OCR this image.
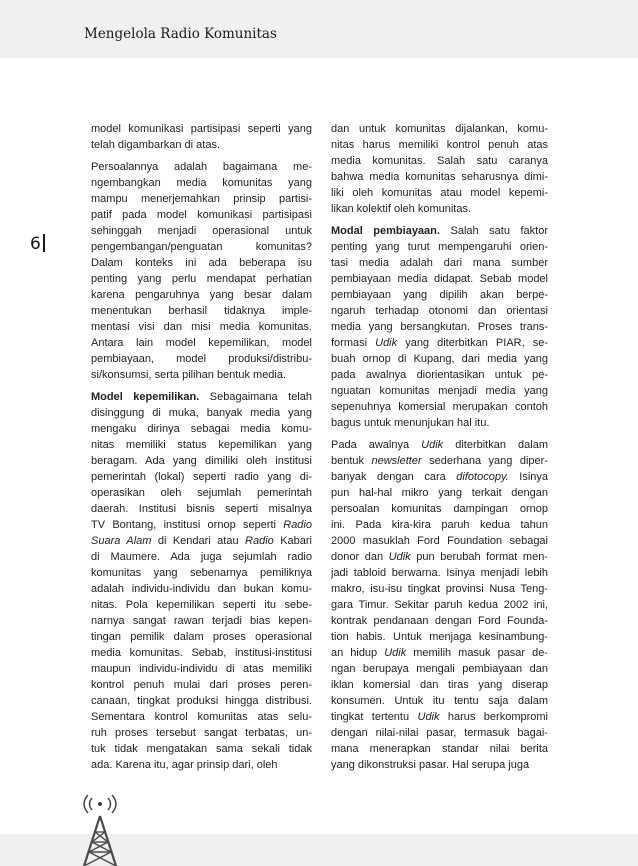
Mengelola Radio Komunitas
6
model komunikasi partisipasi seperti yang
telah digambarkan di atas.
Persoalannya adalah bagaimana me-
ngembangkan media komunitas yang
mampu menerjemahkan prinsip partisi-
patif pada model komunikasi partisipasi
sehinggah menjadi operasional untuk
pengembangan/penguatan komunitas?
Dalam konteks ini ada beberapa isu
penting yang perlu mendapat perhatian
karena pengaruhnya yang besar dalam
menentukan berhasil tidaknya imple-
mentasi visi dan misi media komunitas.
Antara lain model kepemilikan, model
pembiayaan, model produksi/distribu-
si/konsumsi, serta pilihan bentuk media.
Model kepemilikan. Sebagaimana telah
disinggung di muka, banyak media yang
mengaku dirinya sebagai media komu-
nitas memiliki status kepemilikan yang
beragam. Ada yang dimiliki oleh institusi
pemerintah (lokal) seperti radio yang di-
operasikan oleh sejumlah pemerintah
daerah. Institusi bisnis seperti misalnya
TV Bontang, institusi ornop seperti Radio
Suara Alam di Kendari atau Radio Kabari
di Maumere. Ada juga sejumlah radio
komunitas yang sebenarnya pemiliknya
adalah individu-individu dan bukan komu-
nitas. Pola kepemilikan seperti itu sebe-
narnya sangat rawan terjadi bias kepen-
tingan pemilik dalam proses operasional
media komunitas. Sebab, institusi-institusi
maupun individu-individu di atas memiliki
kontrol penuh mulai dari proses peren-
canaan, tingkat produksi hingga distribusi.
Sementara kontrol komunitas atas selu-
ruh proses tersebut sangat terbatas, un-
tuk tidak mengatakan sama sekali tidak
ada. Karena itu, agar prinsip dari, oleh
dan untuk komunitas dijalankan, komu-
nitas harus memiliki kontrol penuh atas
media komunitas. Salah satu caranya
bahwa media komunitas seharusnya dimi-
liki oleh komunitas atau model kepemi-
likan kolektif oleh komunitas.
Modal pembiayaan. Salah satu faktor
penting yang turut mempengaruhi orien-
tasi media adalah dari mana sumber
pembiayaan media didapat. Sebab model
pembiayaan yang dipilih akan berpe-
ngaruh terhadap otonomi dan orientasi
media yang bersangkutan. Proses trans-
formasi Udik yang diterbitkan PIAR, se-
buah ornop di Kupang, dari media yang
pada awalnya diorientasikan untuk pe-
nguatan komunitas menjadi media yang
sepenuhnya komersial merupakan contoh
bagus untuk menunjukan hal itu.
Pada awalnya Udik diterbitkan dalam
bentuk newsletter sederhana yang diper-
banyak dengan cara difotocopy. Isinya
pun hal-hal mikro yang terkait dengan
persoalan komunitas dampingan ornop
ini. Pada kira-kira paruh kedua tahun
2000 masuklah Ford Foundation sebagai
donor dan Udik pun berubah format men-
jadi tabloid berwarna. Isinya menjadi lebih
makro, isu-isu tingkat provinsi Nusa Teng-
gara Timur. Sekitar paruh kedua 2002 ini,
kontrak pendanaan dengan Ford Founda-
tion habis. Untuk menjaga kesinambung-
an hidup Udik memilih masuk pasar de-
ngan berupaya mengali pembiayaan dan
iklan komersial dan tiras yang diserap
konsumen. Untuk itu tentu saja dalam
tingkat tertentu Udik harus berkompromi
dengan nilai-nilai pasar, termasuk bagai-
mana menerapkan standar nilai berita
yang dikonstruksi pasar. Hal serupa juga
